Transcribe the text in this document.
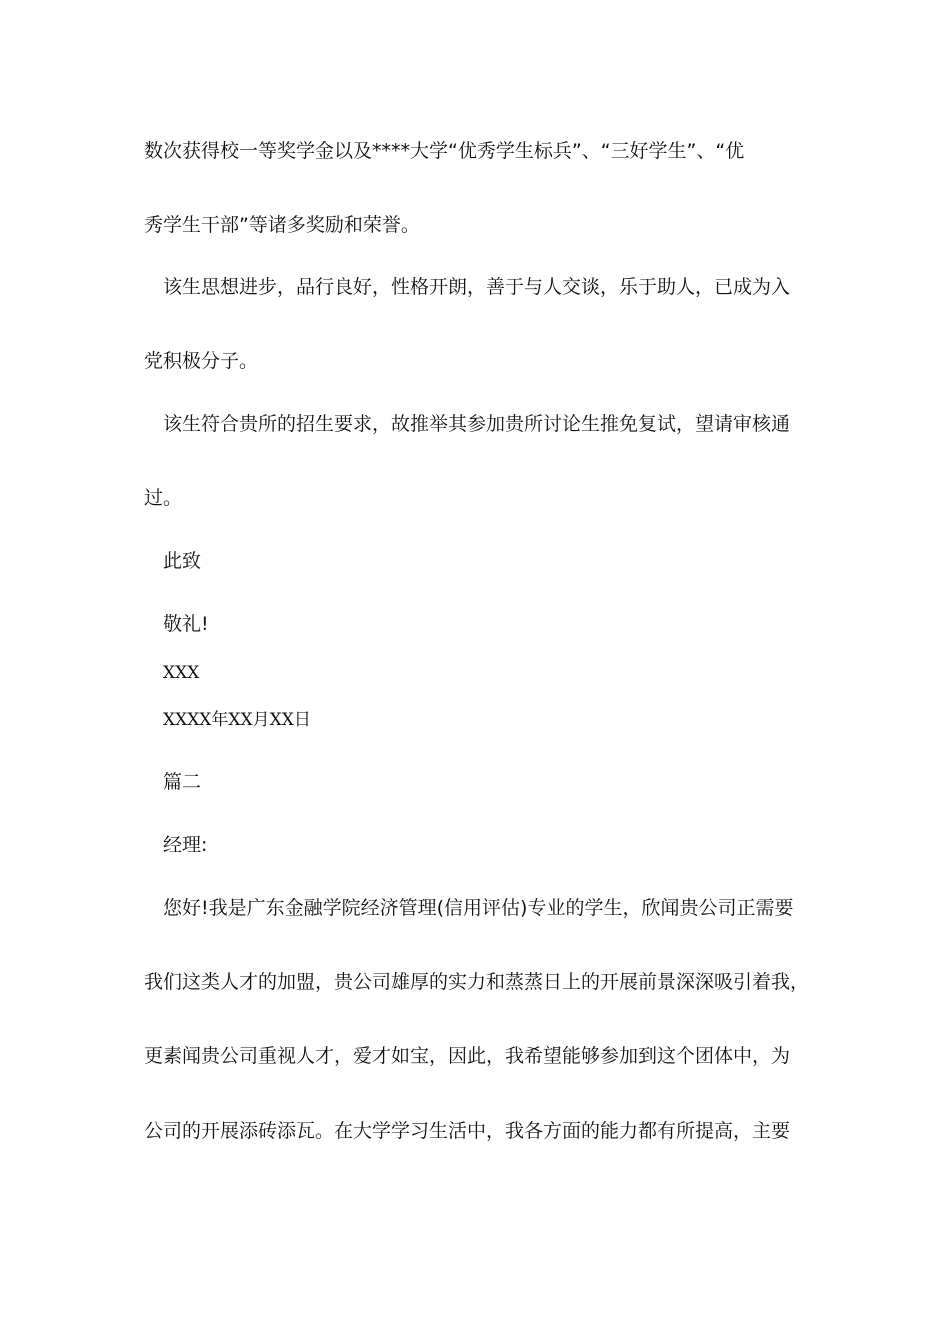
数次获得校一等奖学金以及****大学“优秀学生标兵”、“三好学生”、“优
秀学生干部”等诸多奖励和荣誉。
该生思想进步，品行良好，性格开朗，善于与人交谈，乐于助人，已成为入
党积极分子。
该生符合贵所的招生要求，故推举其参加贵所讨论生推免复试，望请审核通
过。
此致
敬礼!
XXX
XXXX年XX月XX日
篇二
经理:
您好!我是广东金融学院经济管理(信用评估)专业的学生，欣闻贵公司正需要
我们这类人才的加盟，贵公司雄厚的实力和蒸蒸日上的开展前景深深吸引着我，
更素闻贵公司重视人才，爱才如宝，因此，我希望能够参加到这个团体中，为
公司的开展添砖添瓦。在大学学习生活中，我各方面的能力都有所提高，主要
